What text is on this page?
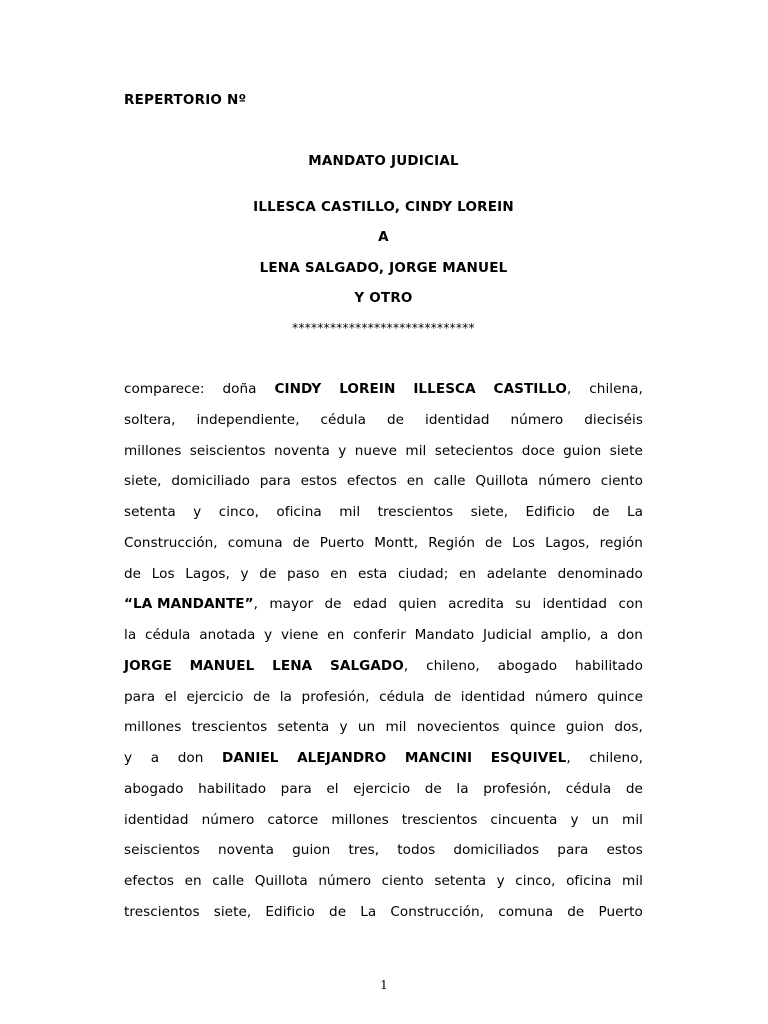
REPERTORIO Nº
MANDATO JUDICIAL
ILLESCA CASTILLO, CINDY LOREIN
A
LENA SALGADO, JORGE MANUEL
Y OTRO
*****************************
comparece: doña CINDY LOREIN ILLESCA CASTILLO, chilena,
soltera, independiente, cédula de identidad número dieciséis
millones seiscientos noventa y nueve mil setecientos doce guion siete
siete, domiciliado para estos efectos en calle Quillota número ciento
setenta y cinco, oficina mil trescientos siete, Edificio de La
Construcción, comuna de Puerto Montt, Región de Los Lagos, región
de Los Lagos, y de paso en esta ciudad; en adelante denominado
“LA MANDANTE”, mayor de edad quien acredita su identidad con
la cédula anotada y viene en conferir Mandato Judicial amplio, a don
JORGE MANUEL LENA SALGADO, chileno, abogado habilitado
para el ejercicio de la profesión, cédula de identidad número quince
millones trescientos setenta y un mil novecientos quince guion dos,
y a don DANIEL ALEJANDRO MANCINI ESQUIVEL, chileno,
abogado habilitado para el ejercicio de la profesión, cédula de
identidad número catorce millones trescientos cincuenta y un mil
seiscientos noventa guion tres, todos domiciliados para estos
efectos en calle Quillota número ciento setenta y cinco, oficina mil
trescientos siete, Edificio de La Construcción, comuna de Puerto
1
